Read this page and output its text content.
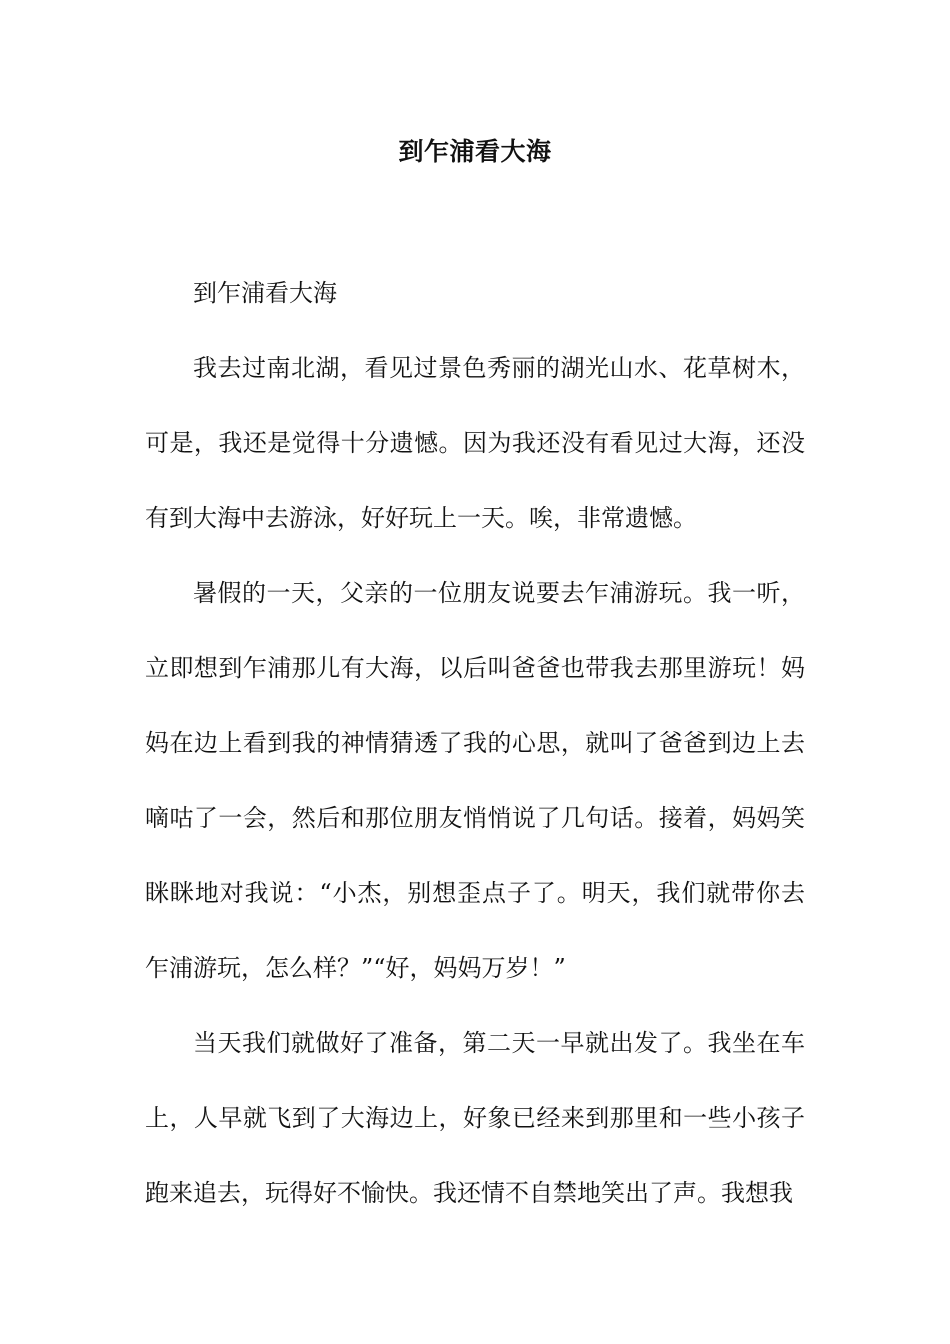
到乍浦看大海

到乍浦看大海

我去过南北湖，看见过景色秀丽的湖光山水、花草树木，可是，我还是觉得十分遗憾。因为我还没有看见过大海，还没有到大海中去游泳，好好玩上一天。唉，非常遗憾。

暑假的一天，父亲的一位朋友说要去乍浦游玩。我一听，立即想到乍浦那儿有大海，以后叫爸爸也带我去那里游玩！妈妈在边上看到我的神情猜透了我的心思，就叫了爸爸到边上去嘀咕了一会，然后和那位朋友悄悄说了几句话。接着，妈妈笑眯眯地对我说：“小杰，别想歪点子了。明天，我们就带你去乍浦游玩，怎么样？”“好，妈妈万岁！”

当天我们就做好了准备，第二天一早就出发了。我坐在车上，人早就飞到了大海边上，好象已经来到那里和一些小孩子跑来追去，玩得好不愉快。我还情不自禁地笑出了声。我想我
